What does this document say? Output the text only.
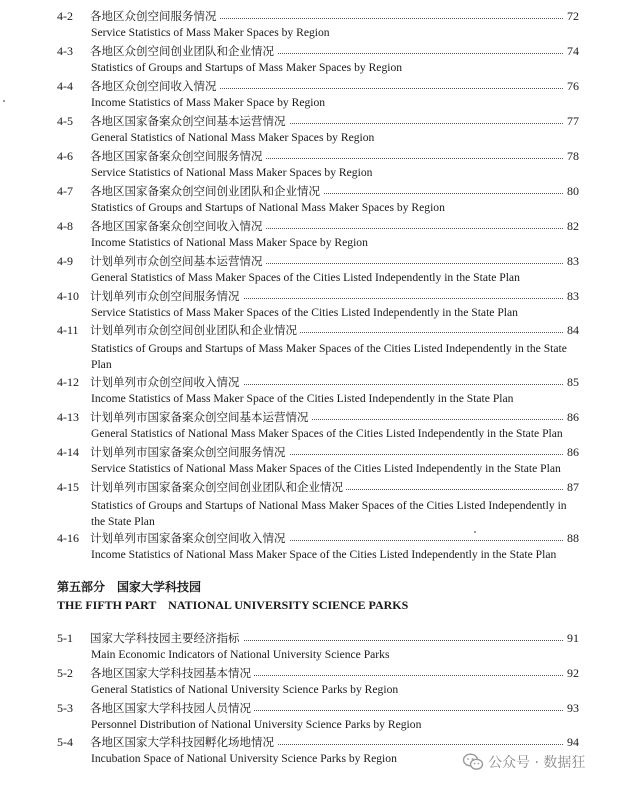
4-2 各地区众创空间服务情况	72
Service Statistics of Mass Maker Spaces by Region
4-3 各地区众创空间创业团队和企业情况	74
Statistics of Groups and Startups of Mass Maker Spaces by Region
4-4 各地区众创空间收入情况	76
Income Statistics of Mass Maker Space by Region
4-5 各地区国家备案众创空间基本运营情况	77
General Statistics of National Mass Maker Spaces by Region
4-6 各地区国家备案众创空间服务情况	78
Service Statistics of National Mass Maker Spaces by Region
4-7 各地区国家备案众创空间创业团队和企业情况	80
Statistics of Groups and Startups of National Mass Maker Spaces by Region
4-8 各地区国家备案众创空间收入情况	82
Income Statistics of National Mass Maker Space by Region
4-9 计划单列市众创空间基本运营情况	83
General Statistics of Mass Maker Spaces of the Cities Listed Independently in the State Plan
4-10 计划单列市众创空间服务情况	83
Service Statistics of Mass Maker Spaces of the Cities Listed Independently in the State Plan
4-11 计划单列市众创空间创业团队和企业情况	84
Statistics of Groups and Startups of Mass Maker Spaces of the Cities Listed Independently in the State Plan
4-12 计划单列市众创空间收入情况	85
Income Statistics of Mass Maker Space of the Cities Listed Independently in the State Plan
4-13 计划单列市国家备案众创空间基本运营情况	86
General Statistics of National Mass Maker Spaces of the Cities Listed Independently in the State Plan
4-14 计划单列市国家备案众创空间服务情况	86
Service Statistics of National Mass Maker Spaces of the Cities Listed Independently in the State Plan
4-15 计划单列市国家备案众创空间创业团队和企业情况	87
Statistics of Groups and Startups of National Mass Maker Spaces of the Cities Listed Independently in the State Plan
4-16 计划单列市国家备案众创空间收入情况	88
Income Statistics of National Mass Maker Space of the Cities Listed Independently in the State Plan
5-1 国家大学科技园主要经济指标	91
Main Economic Indicators of National University Science Parks
5-2 各地区国家大学科技园基本情况	92
General Statistics of National University Science Parks by Region
5-3 各地区国家大学科技园人员情况	93
Personnel Distribution of National University Science Parks by Region
5-4 各地区国家大学科技园孵化场地情况	94
Incubation Space of National University Science Parks by Region
第五部分　国家大学科技园
THE FIFTH PART　NATIONAL UNIVERSITY SCIENCE PARKS
公众号 · 数据狂
